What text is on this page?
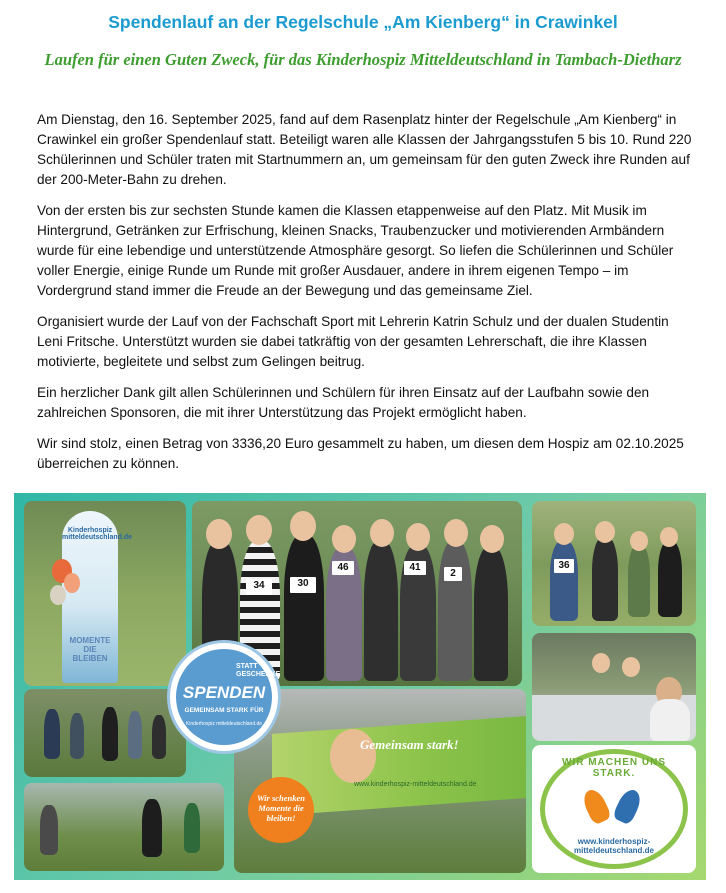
Spendenlauf an der Regelschule „Am Kienberg“ in Crawinkel
Laufen für einen Guten Zweck, für das Kinderhospiz Mitteldeutschland in Tambach-Dietharz

Am Dienstag, den 16. September 2025, fand auf dem Rasenplatz hinter der Regelschule „Am Kienberg“ in Crawinkel ein großer Spendenlauf statt. Beteiligt waren alle Klassen der Jahrgangsstufen 5 bis 10. Rund 220 Schülerinnen und Schüler traten mit Startnummern an, um gemeinsam für den guten Zweck ihre Runden auf der 200-Meter-Bahn zu drehen.

Von der ersten bis zur sechsten Stunde kamen die Klassen etappenweise auf den Platz. Mit Musik im Hintergrund, Getränken zur Erfrischung, kleinen Snacks, Traubenzucker und motivierenden Armbändern wurde für eine lebendige und unterstützende Atmosphäre gesorgt. So liefen die Schülerinnen und Schüler voller Energie, einige Runde um Runde mit großer Ausdauer, andere in ihrem eigenen Tempo – im Vordergrund stand immer die Freude an der Bewegung und das gemeinsame Ziel.

Organisiert wurde der Lauf von der Fachschaft Sport mit Lehrerin Katrin Schulz und der dualen Studentin Leni Fritsche. Unterstützt wurden sie dabei tatkräftig von der gesamten Lehrerschaft, die ihre Klassen motivierte, begleitete und selbst zum Gelingen beitrug.

Ein herzlicher Dank gilt allen Schülerinnen und Schülern für ihren Einsatz auf der Laufbahn sowie den zahlreichen Sponsoren, die mit ihrer Unterstützung das Projekt ermöglicht haben.

Wir sind stolz, einen Betrag von 3336,20 Euro gesammelt zu haben, um diesen dem Hospiz am 02.10.2025 überreichen zu können.

Kinderhospiz mitteldeutschland.de
MOMENTE DIE BLEIBEN
34	30
46	41
2
36
Gemeinsam stark!
www.kinderhospiz-mitteldeutschland.de
Wir schenken Momente die bleiben!
WIR MACHEN UNS STARK.
www.kinderhospiz-mitteldeutschland.de
STATT GESCHENKE
SPENDEN
GEMEINSAM STARK FÜR
Kinderhospiz mitteldeutschland.de
